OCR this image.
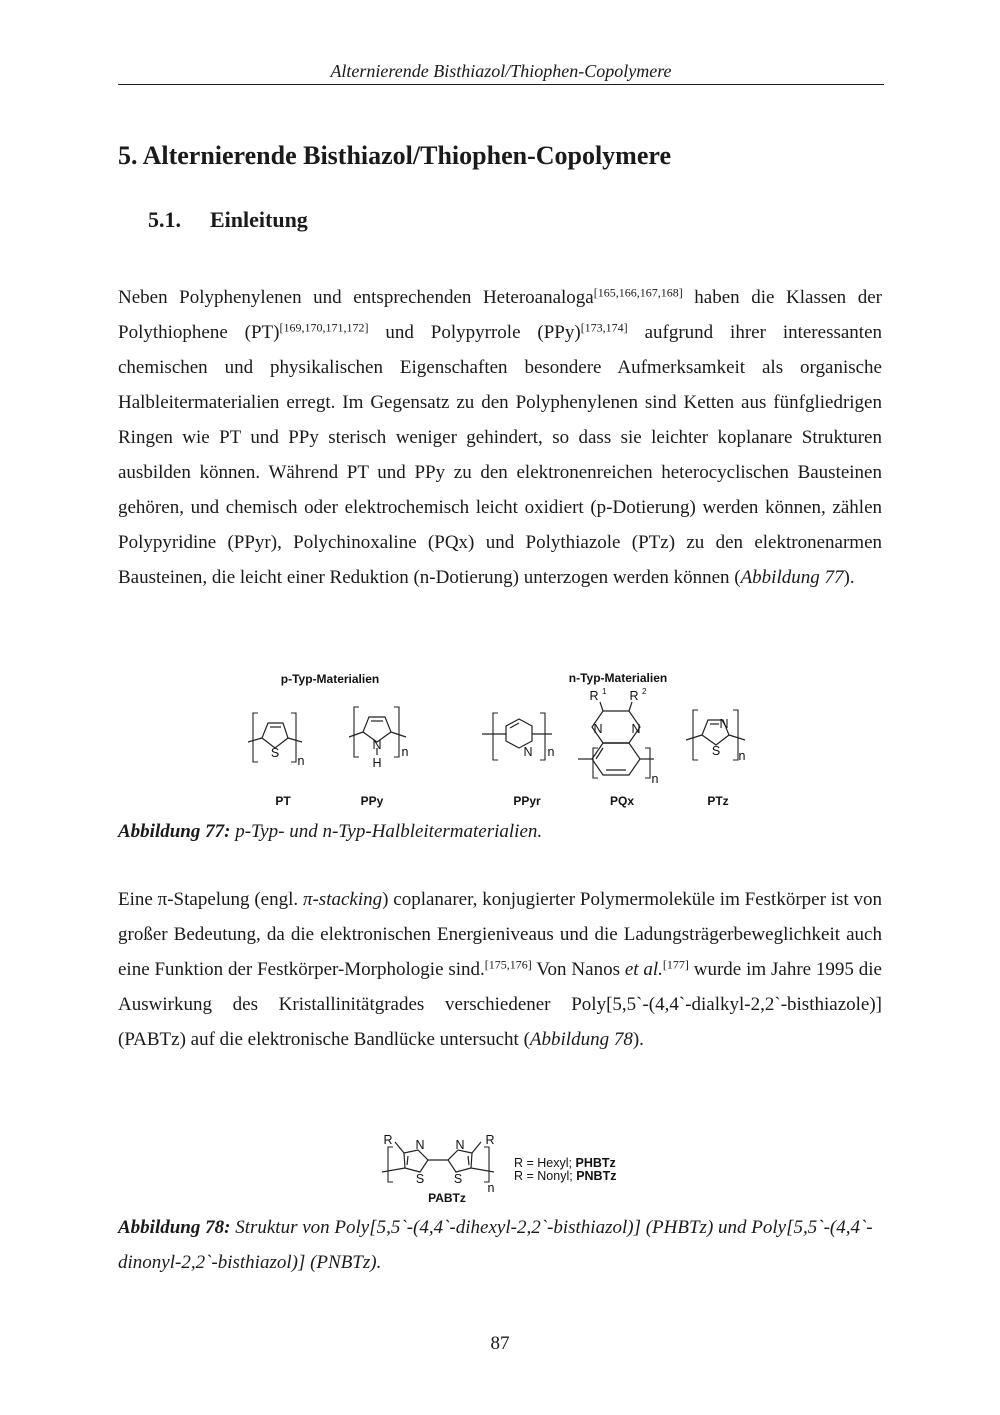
Alternierende Bisthiazol/Thiophen-Copolymere
5. Alternierende Bisthiazol/Thiophen-Copolymere
5.1. Einleitung

Neben Polyphenylenen und entsprechenden Heteroanaloga[165,166,167,168] haben die Klassen der Polythiophene (PT)[169,170,171,172] und Polypyrrole (PPy)[173,174] aufgrund ihrer interessanten chemischen und physikalischen Eigenschaften besondere Aufmerksamkeit als organische Halbleitermaterialien erregt. Im Gegensatz zu den Polyphenylenen sind Ketten aus fünfgliedrigen Ringen wie PT und PPy sterisch weniger gehindert, so dass sie leichter koplanare Strukturen ausbilden können. Während PT und PPy zu den elektronenreichen heterocyclischen Bausteinen gehören, und chemisch oder elektrochemisch leicht oxidiert (p-Dotierung) werden können, zählen Polypyridine (PPyr), Polychinoxaline (PQx) und Polythiazole (PTz) zu den elektronenarmen Bausteinen, die leicht einer Reduktion (n-Dotierung) unterzogen werden können (Abbildung 77).

p-Typ-Materialien	n-Typ-Materialien
S
n
N
H
n	N n
R 1 R 2
N N
n
N
S n
PT	PPy	PPyr	PQx	PTz

Abbildung 77: p-Typ- und n-Typ-Halbleitermaterialien.

Eine π-Stapelung (engl. π-stacking) coplanarer, konjugierter Polymermoleküle im Festkörper ist von großer Bedeutung, da die elektronischen Energieniveaus und die Ladungsträgerbeweglichkeit auch eine Funktion der Festkörper-Morphologie sind.[175,176] Von Nanos et al.[177] wurde im Jahre 1995 die Auswirkung des Kristallinitätgrades verschiedener Poly[5,5`-(4,4`-dialkyl-2,2`-bisthiazole)] (PABTz) auf die elektronische Bandlücke untersucht (Abbildung 78).

R	R
N N
S S
n
PABTz
R = Hexyl; PHBTz
R = Nonyl; PNBTz

Abbildung 78: Struktur von Poly[5,5`-(4,4`-dihexyl-2,2`-bisthiazol)] (PHBTz) und Poly[5,5`-(4,4`-dinonyl-2,2`-bisthiazol)] (PNBTz).

87
